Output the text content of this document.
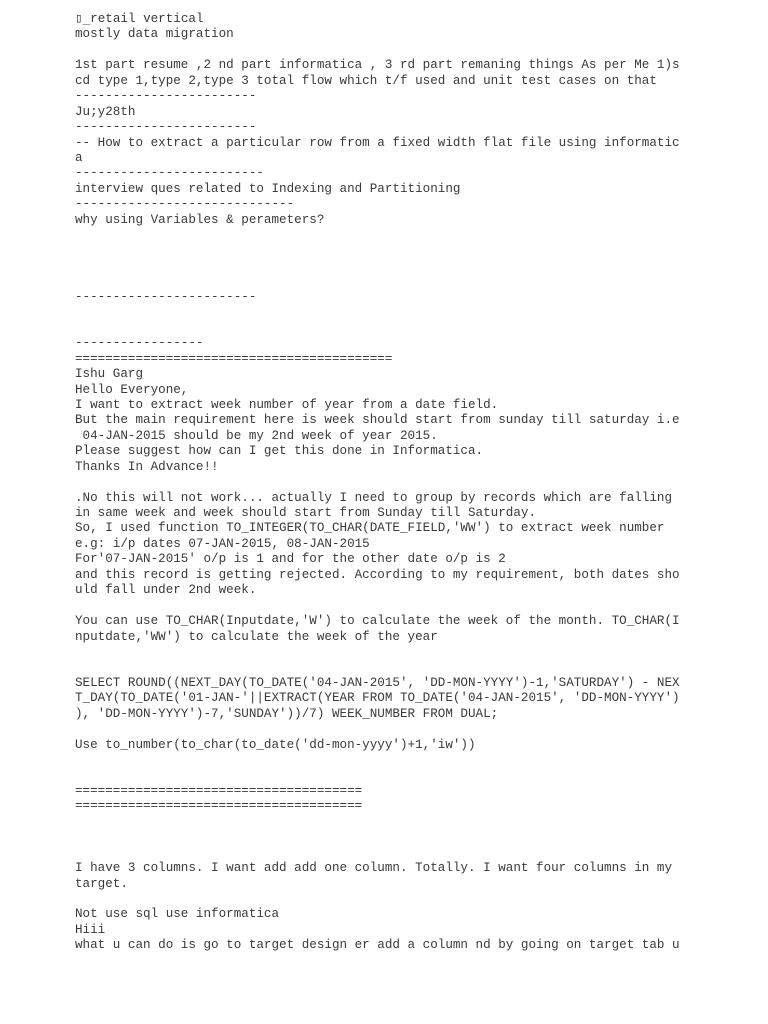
▯̲retail vertical
mostly data migration
1st part resume ,2 nd part informatica , 3 rd part remaning things As per Me 1)s
cd type 1,type 2,type 3 total flow which t/f used and unit test cases on that
------------------------
Ju;y28th
------------------------
-- How to extract a particular row from a fixed width flat file using informatic
a
-------------------------
interview ques related to Indexing and Partitioning
-----------------------------
why using Variables & perameters?
------------------------
-----------------
==========================================
Ishu Garg
Hello Everyone,
I want to extract week number of year from a date field.
But the main requirement here is week should start from sunday till saturday i.e
04-JAN-2015 should be my 2nd week of year 2015.
Please suggest how can I get this done in Informatica.
Thanks In Advance!!
.No this will not work... actually I need to group by records which are falling
in same week and week should start from Sunday till Saturday.
So, I used function TO_INTEGER(TO_CHAR(DATE_FIELD,'WW') to extract week number
e.g: i/p dates 07-JAN-2015, 08-JAN-2015
For'07-JAN-2015' o/p is 1 and for the other date o/p is 2
and this record is getting rejected. According to my requirement, both dates sho
uld fall under 2nd week.
You can use TO_CHAR(Inputdate,'W') to calculate the week of the month. TO_CHAR(I
nputdate,'WW') to calculate the week of the year
SELECT ROUND((NEXT_DAY(TO_DATE('04-JAN-2015', 'DD-MON-YYYY')-1,'SATURDAY') - NEX
T_DAY(TO_DATE('01-JAN-'||EXTRACT(YEAR FROM TO_DATE('04-JAN-2015', 'DD-MON-YYYY')
), 'DD-MON-YYYY')-7,'SUNDAY'))/7) WEEK_NUMBER FROM DUAL;
Use to_number(to_char(to_date('dd-mon-yyyy')+1,'iw'))
======================================
======================================
I have 3 columns. I want add add one column. Totally. I want four columns in my
target.
Not use sql use informatica
Hiii
what u can do is go to target design er add a column nd by going on target tab u
